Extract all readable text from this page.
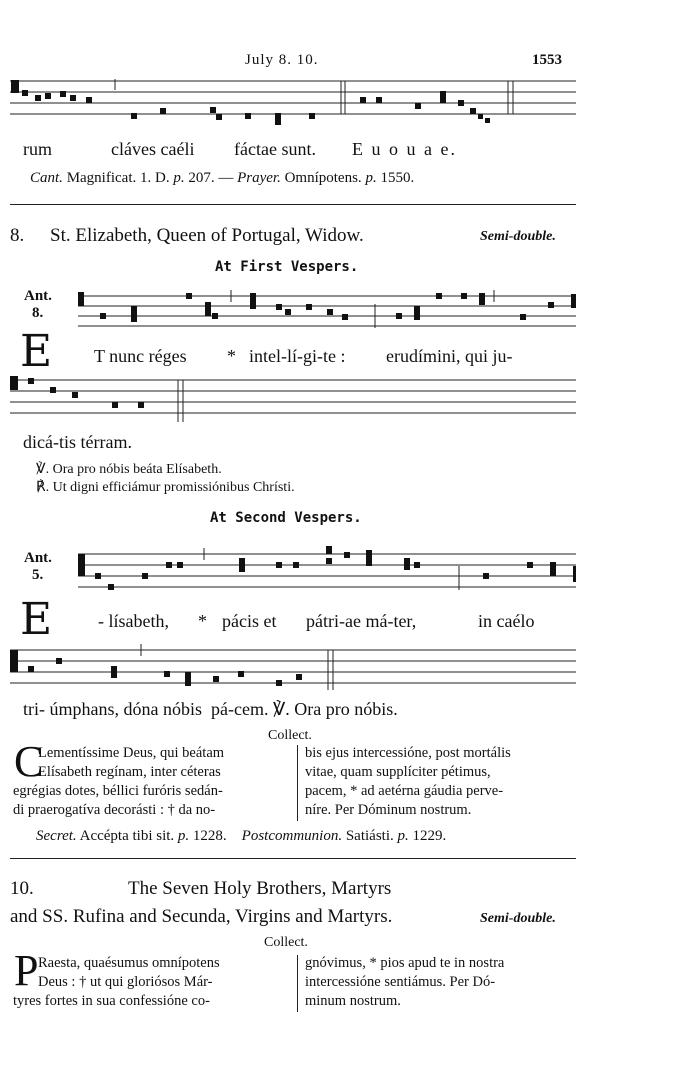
July 8. 10.	1553
rum	cláves caéli fáctae sunt. E u o u a e.
Cant. Magnificat. 1. D. p. 207. — Prayer. Omnípotens. p. 1550.
8. St. Elizabeth, Queen of Portugal, Widow.	Semi-double.
At First Vespers.
Ant.
8.
E T nunc réges * intel-lí-gi-te : erudímini, qui ju-
dicá-tis térram.
℣. Ora pro nóbis beáta Elísabeth.
℟. Ut digni efficiámur promissiónibus Chrísti.
At Second Vespers.
Ant.
5.
E	- lísabeth, * pácis et pátri-ae má-ter,	in caélo
tri- úmphans, dóna nóbis  pá-cem. ℣. Ora pro nóbis.
Collect.
C
Lementíssime Deus, qui beátam
Elísabeth regínam, inter céteras
egrégias dotes, béllici furóris sedán-
di praerogatíva decorásti : † da no-
bis ejus intercessióne, post mortális
vitae, quam supplíciter pétimus,
pacem, * ad aetérna gáudia perve-
níre. Per Dóminum nostrum.
Secret. Accépta tibi sit. p. 1228. Postcommunion. Satiásti. p. 1229.
10.	The Seven Holy Brothers, Martyrs
and SS. Rufina and Secunda, Virgins and Martyrs.	Semi-double.
Collect.
P Raesta, quaésumus omnípotens
Deus : † ut qui gloriósos Már-
tyres fortes in sua confessióne co-
gnóvimus, * pios apud te in nostra
intercessióne sentiámus. Per Dó-
minum nostrum.
